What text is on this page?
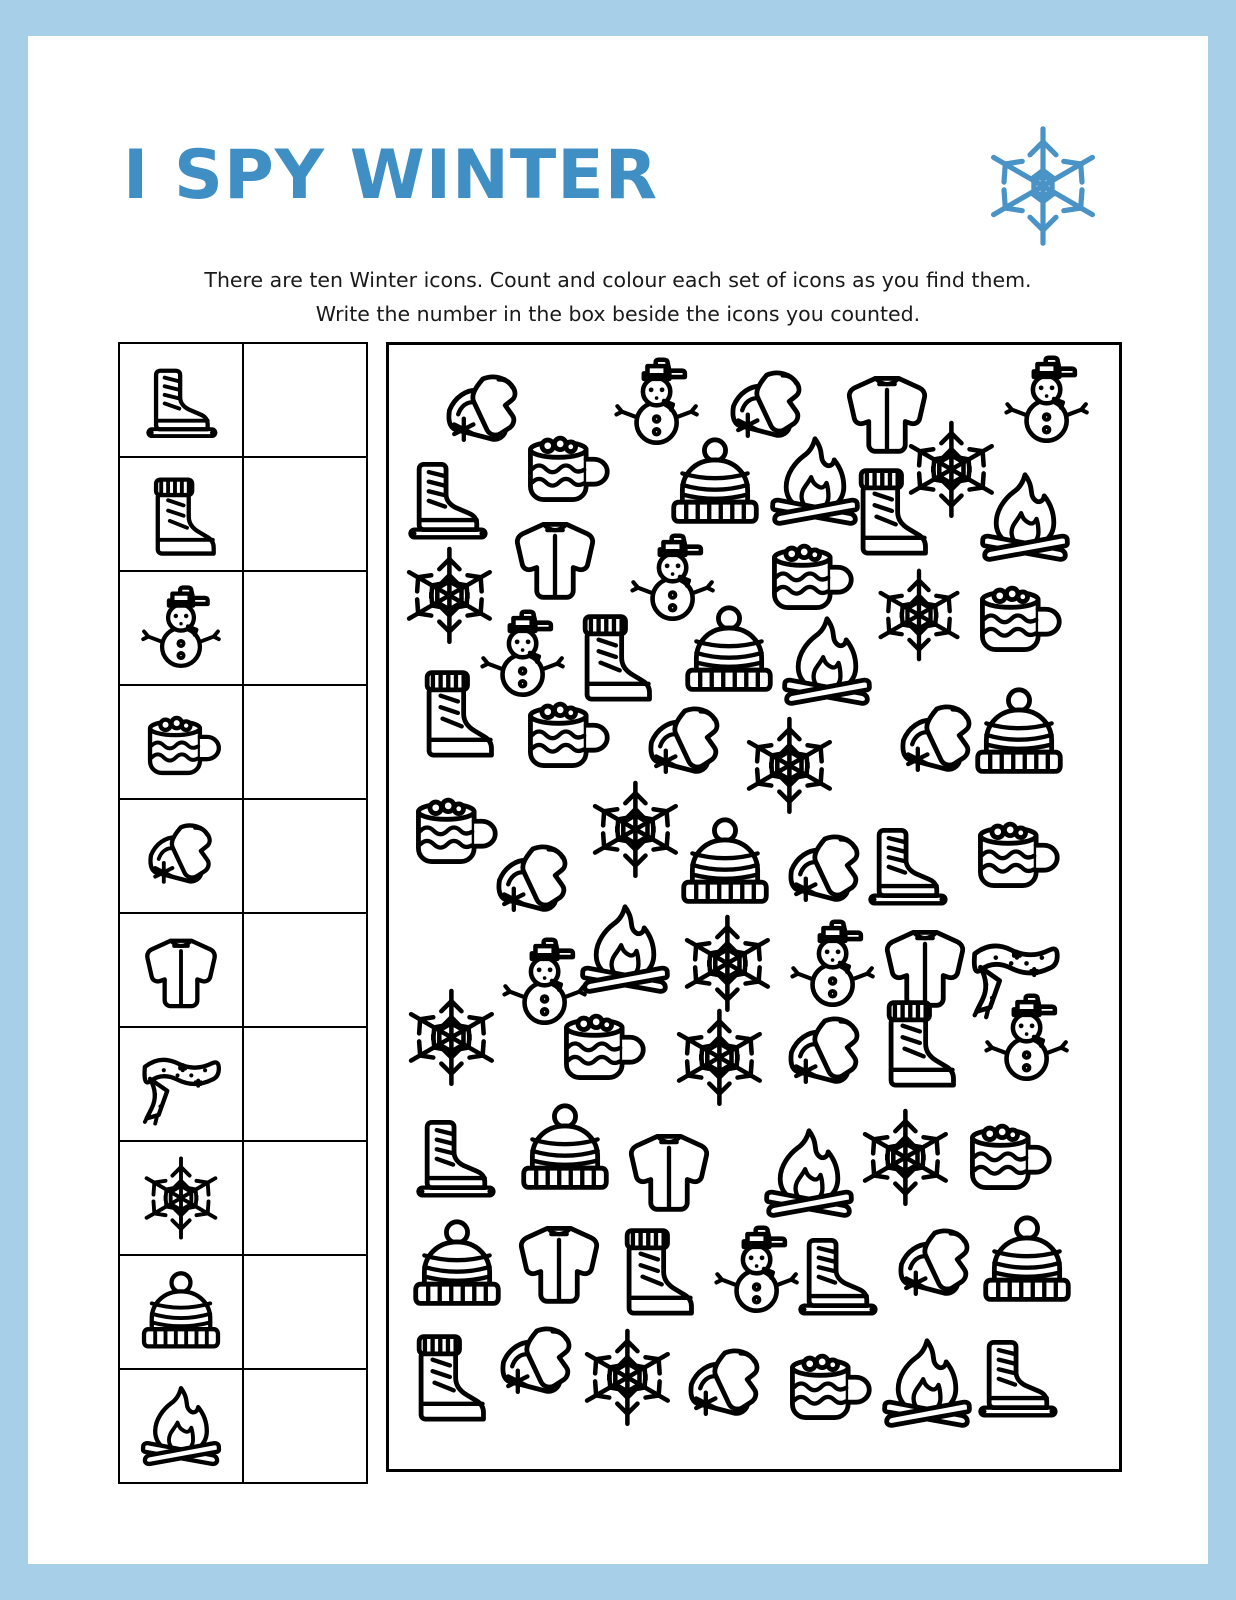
I SPY WINTER
There are ten Winter icons. Count and colour each set of icons as you find them.
Write the number in the box beside the icons you counted.
